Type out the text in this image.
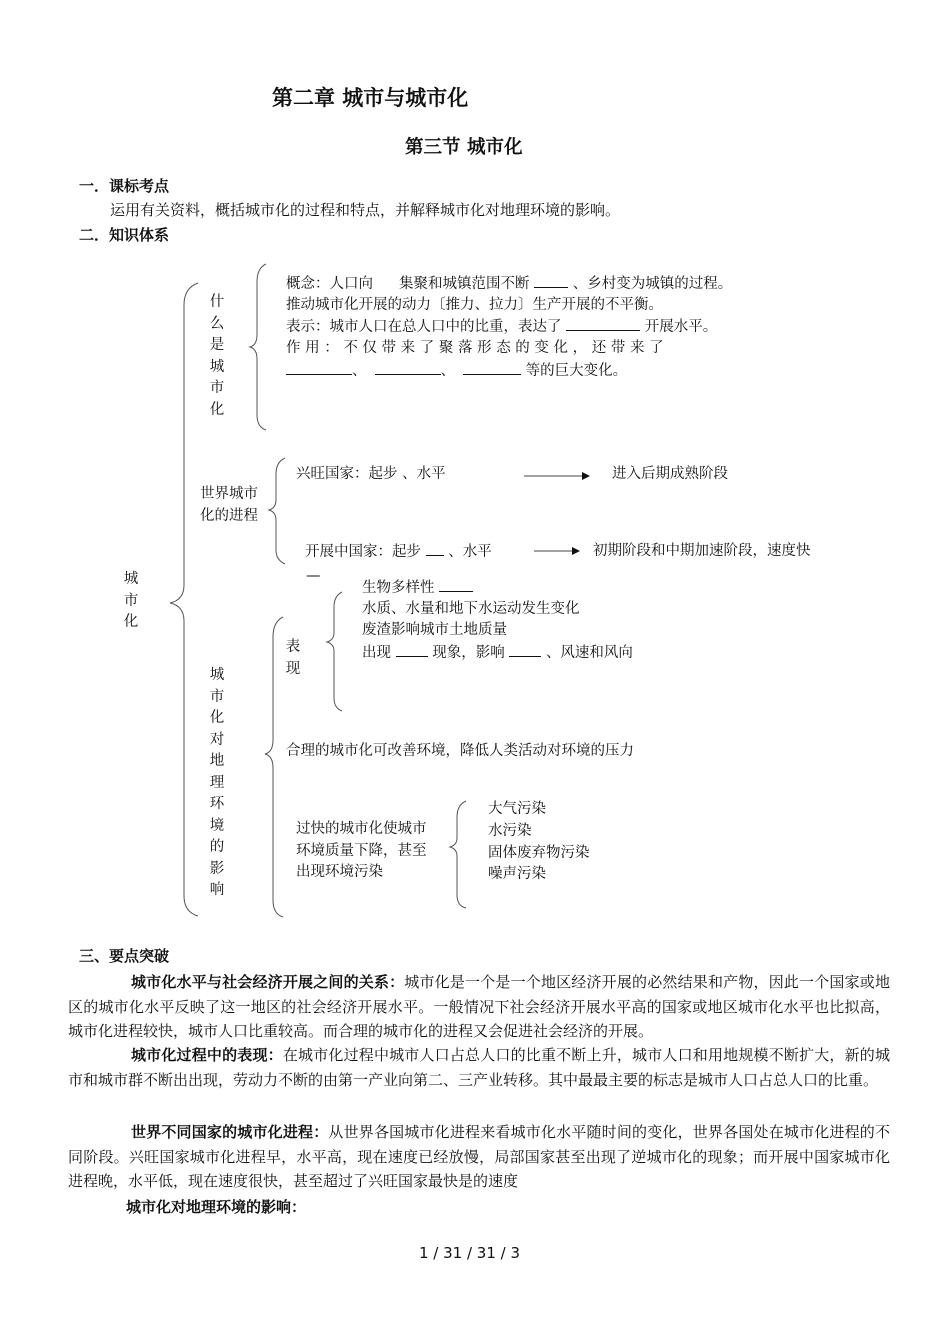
第二章 城市与城市化
第三节 城市化
一．课标考点
运用有关资料，概括城市化的过程和特点，并解释城市化对地理环境的影响。
二．知识体系
城市化
什么是城市化
概念：人口向 集聚和城镇范围不断	、乡村变为城镇的过程。
推动城市化开展的动力〔推力、拉力〕生产开展的不平衡。
表示：城市人口在总人口中的比重，表达了	开展水平。
作 用 ： 不 仅 带 来 了 聚 落 形 态 的 变 化 ， 还 带 来 了
、	、	等的巨大变化。
世界城市化的进程
兴旺国家：起步 、水平	进入后期成熟阶段
开展中国家：起步 、水平	初期阶段和中期加速阶段，速度快
—
城市化对地理环境的影响
表现
生物多样性
水质、水量和地下水运动发生变化
废渣影响城市土地质量
出现	现象，影响	、风速和风向
合理的城市化可改善环境，降低人类活动对环境的压力
过快的城市化使城市环境质量下降，甚至出现环境污染
大气污染
水污染
固体废弃物污染
噪声污染
三、要点突破
城市化水平与社会经济开展之间的关系：城市化是一个是一个地区经济开展的必然结果和产物，因此一个国家或地区的城市化水平反映了这一地区的社会经济开展水平。一般情况下社会经济开展水平高的国家或地区城市化水平也比拟高，城市化进程较快，城市人口比重较高。而合理的城市化的进程又会促进社会经济的开展。
城市化过程中的表现：在城市化过程中城市人口占总人口的比重不断上升，城市人口和用地规模不断扩大，新的城市和城市群不断出出现，劳动力不断的由第一产业向第二、三产业转移。其中最最主要的标志是城市人口占总人口的比重。
世界不同国家的城市化进程：从世界各国城市化进程来看城市化水平随时间的变化，世界各国处在城市化进程的不同阶段。兴旺国家城市化进程早，水平高，现在速度已经放慢，局部国家甚至出现了逆城市化的现象；而开展中国家城市化进程晚，水平低，现在速度很快，甚至超过了兴旺国家最快是的速度
城市化对地理环境的影响：
1 / 31 / 31 / 3
